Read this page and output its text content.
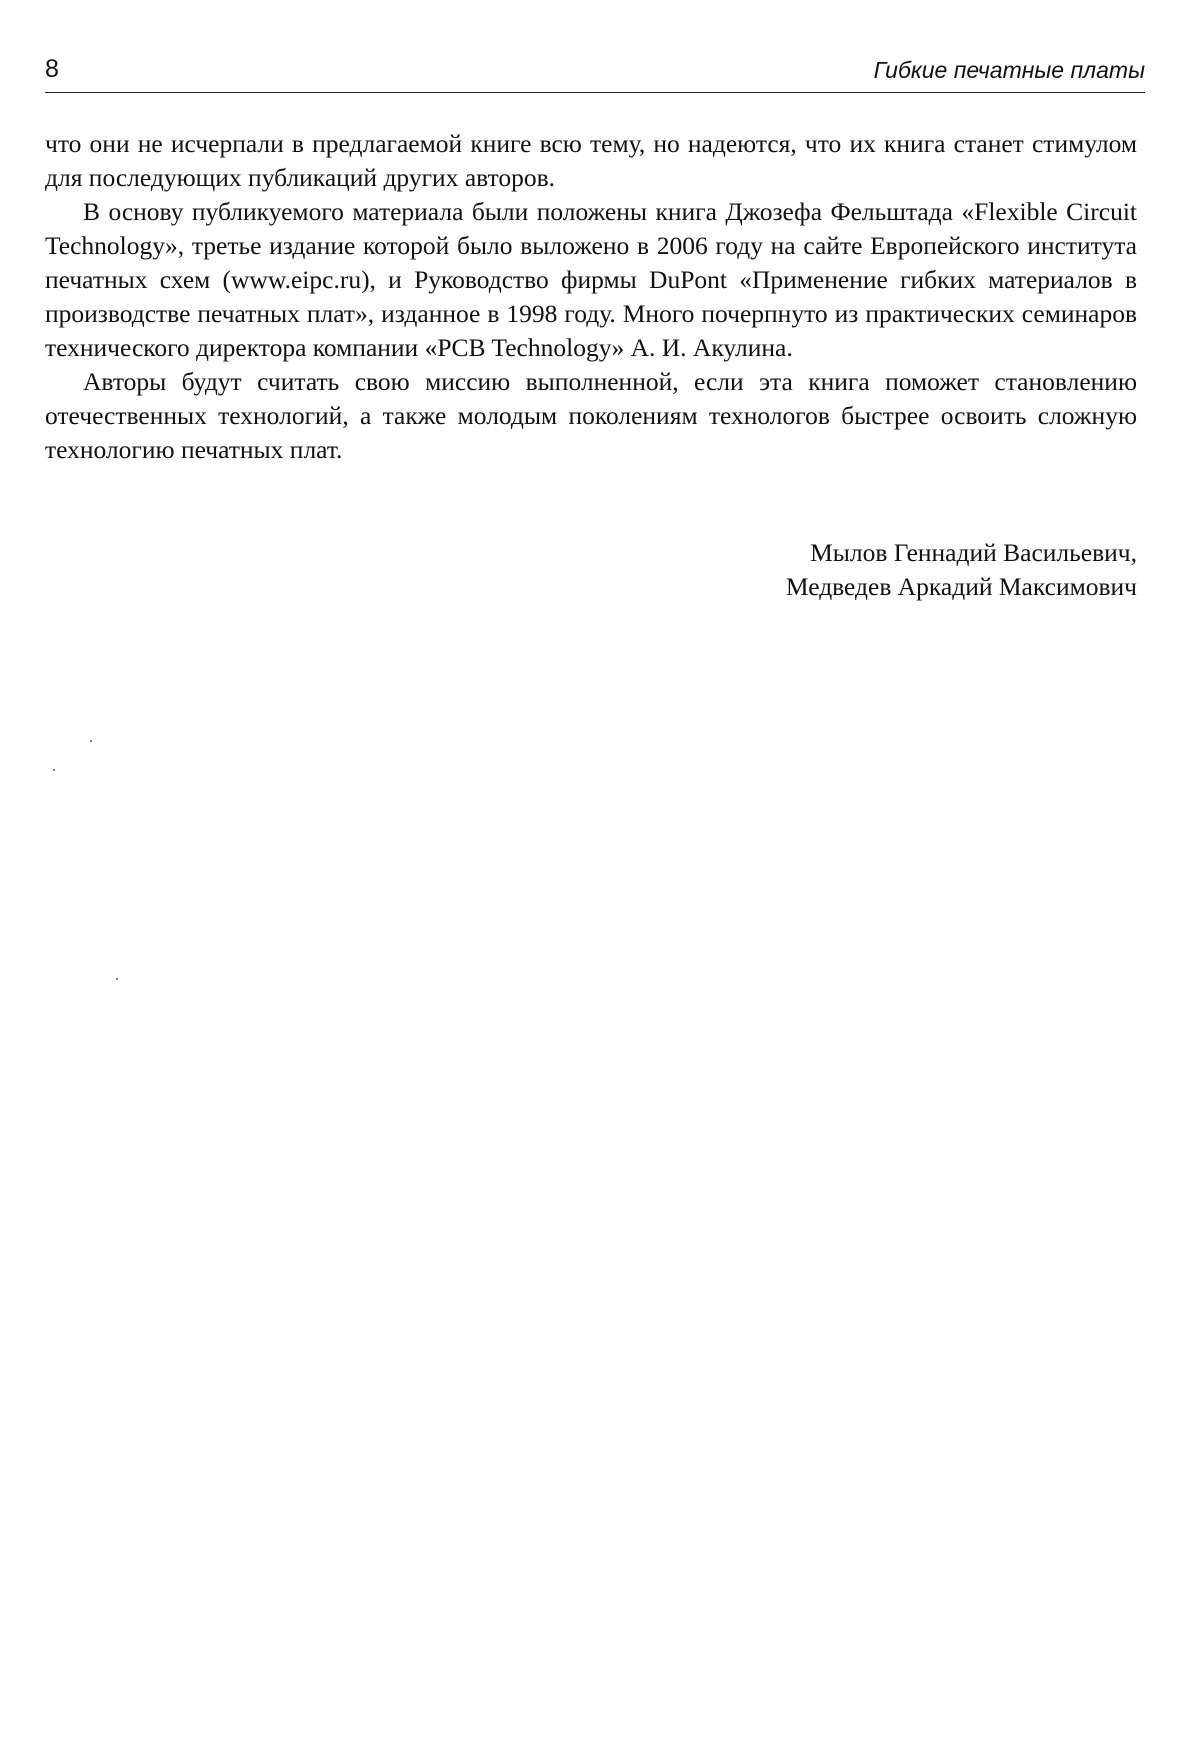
8	Гибкие печатные платы

что они не исчерпали в предлагаемой книге всю тему, но надеются, что их книга станет стимулом для последующих публикаций других авторов.

В основу публикуемого материала были положены книга Джозефа Фельштада «Flexible Circuit Technology», третье издание которой было выложено в 2006 году на сайте Европейского института печатных схем (www.eipc.ru), и Руководство фирмы DuPont «Применение гибких материалов в производстве печатных плат», изданное в 1998 году. Много почерпнуто из практических семинаров технического директора компании «PCB Technology» А. И. Акулина.

Авторы будут считать свою миссию выполненной, если эта книга поможет становлению отечественных технологий, а также молодым поколениям технологов быстрее освоить сложную технологию печатных плат.

Мылов Геннадий Васильевич,
Медведев Аркадий Максимович
